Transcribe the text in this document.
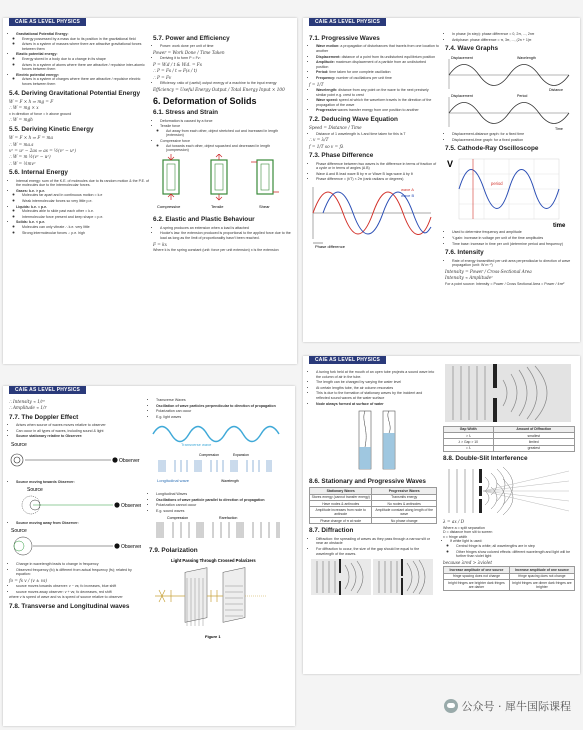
CAIE AS LEVEL PHYSICS
• Gravitational Potential Energy:
◦ Energy possessed by a mass due to its position in the gravitational field
◦ Arises in a system of masses where there are attractive gravitational forces between them
• Elastic potential energy:
◦ Energy stored in a body due to a change in its shape
◦ Arises in a system of atoms where there are attractive / repulsive inter-atomic forces between them
• Electric potential energy:
◦ Arises in a system of charges where there are attractive / repulsive electric forces between them
5.4. Deriving Gravitational Potential Energy
W = F × h ⇒ mg = F
∴ W = mg × x
x in direction of force = h above ground
∴ W = mgh
5.5. Deriving Kinetic Energy
W = F × h ⇒ F = ma
∴ W = ma.s
v² = u² − 2as ⇒ as = ½(v² − u²)
∴ W = m ½(v² − u²)
∴ W = ½mv²
5.6. Internal Energy
• Internal energy: sum of the K.E. of molecules due to its random motion & the P.E. of the molecules due to the intermolecular forces.
• Gases: k.e. > p.e.
◦ Molecules far apart and in continuous motion = k.e
◦ Weak intermolecular forces so very little p.e.
• Liquids: k.e. ≈ p.e.
◦ Molecules able to slide past each other = k.e.
◦ Intermolecular force present and keep shape = p.e.
• Solids: k.e. < p.e.
◦ Molecules can only vibrate ∴ k.e. very little
◦ Strong intermolecular forces ∴ p.e. high
5.7. Power and Efficiency
• Power: work done per unit of time
Power = Work Done / Time Taken
• Deriving it to form P = Fv:
P = W.d / t & W.d. = Fs
∴ P = Fs / t ⇒ F(s / t)
∴ P = Fv
• Efficiency: ratio of (useful) output energy of a machine to the input energy
Efficiency = Useful Energy Output / Total Energy Input × 100
6. Deformation of Solids
6.1. Stress and Strain
• Deformation is caused by a force
• Tensile force
◦ Act away from each other, object stretched out and increased in length (extension)
• Compressive force
◦ Act towards each other, object squashed and decreased in length (compression)
Compressive	Tensile	Shear
6.2. Elastic and Plastic Behaviour
• A spring produces an extension when a load is attached
• Hooke's law: the extension produced is proportional to the applied force due to the load as long as the limit of proportionality hasn't been reached.
F = kx
Where k is the spring constant (unit: force per unit extension) x is the extension
CAIE AS LEVEL PHYSICS
7.1. Progressive Waves
• Wave motion: a propagation of disturbances that travels from one location to another
• Displacement: distance of a point from its undisturbed equilibrium position
• Amplitude: maximum displacement of a particle from an undisturbed position
• Period: time taken for one complete oscillation
• Frequency: number of oscillations per unit time
f = 1/T
• Wavelength: distance from any point on the wave to the next precisely similar point e.g. crest to crest
• Wave speed: speed at which the waveform travels in the direction of the propagation of the wave
• Progressive waves transfer energy from one position to another
7.2. Deducing Wave Equation
Speed = Distance / Time
• Distance of 1 wavelength is λ and time taken for this is T
∴ v = λ/T
f = 1/T so v = fλ
7.3. Phase Difference
• Phase difference between two waves is the difference in terms of fraction of a cycle or in terms of angles (A B)
• Wave A and B lead wave B by π or Wave B lags wave A by θ
• Phase difference = (t/T) × 2π (rank radians or degrees)
wave A
wave B
Phase difference
• In phase (in step): phase difference = 0, 2π, ..., 2nπ
• Antiphase: phase difference = π, 3π, ..., (2n + 1)π
7.4. Wave Graphs
Displacement	Wavelength
Distance
Displacement	Period
Time
• Displacement-distance graph: for a fixed time
• Displacement-time graph: for a fixed position
7.5. Cathode-Ray Oscilloscope
V
period
time
• Used to determine frequency and amplitude
• Y-gain: increase in voltage per unit of the time amplitudes
• Time base: increase in time per unit (determine period and frequency)
7.6. Intensity
• Rate of energy transmitted per unit area perpendicular to direction of wave propagation (unit: W m⁻²)
Intensity = Power / Cross-Sectional Area
Intensity ∝ Amplitude²
For a point source: Intensity = Power / Cross Sectional Area = Power / 4πr²
CAIE AS LEVEL PHYSICS
∴ Intensity ∝ 1/r²
∴ Amplitude ∝ 1/r
7.7. The Doppler Effect
• Arises when source of waves moves relative to observer
• Can occur in all types of waves, including sound & light
• Source stationary relative to Observer:
Source
Observer
• Source moving towards Observer:
Source
Observer
• Source moving away from Observer:
Source
Observer
• Change in wavelength leads to change in frequency
• Observed frequency (fo) is different from actual frequency (fs); related by equation:
fo = fs v / (v ± vs)
• source moves towards observer: v − vs; fo increases, blue shift
• source moves away observer: v + vs; fo decreases, red shift
where v is speed of wave and vs is speed of source relative to observer
7.8. Transverse and Longitudinal waves
• Transverse Waves
• Oscillation of wave particles perpendicular to direction of propagation
• Polarization can occur
• E.g. light waves
Transverse wave
Compression	Expansion
Longitudinal wave	Wavelength
• Longitudinal Waves
• Oscillations of wave particle parallel to direction of propagation
• Polarization cannot occur
• E.g. sound waves
Compression	Rarefaction
7.9. Polarization
Light Passing Through Crossed Polarizers
Figure 1
CAIE AS LEVEL PHYSICS
• A tuning fork held at the mouth of an open tube projects a sound wave into the column of air in the tube.
• The length can be changed by varying the water level
• At certain lengths tube, the air column resonates
• This is due to the formation of stationary waves by the incident and reflected sound waves at the water surface
• Node always formed at surface of water
8.6. Stationary and Progressive Waves
Stationary Waves	Progressive Waves
Stores energy (cannot transfer energy)	Transmits energy
Have nodes & antinodes	No nodes & antinodes
Amplitude increases from node to antinode	Amplitude constant along length of the wave
Phase change of π at node	No phase change
8.7. Diffraction
• Diffraction: the spreading of waves as they pass through a narrow slit or near an obstacle
• For diffraction to occur, the size of the gap should be equal to the wavelength of the waves.
Gap Width	Amount of Diffraction
> λ	smallest
λ > Gap > 10	limited
≈ λ	greatest
8.8. Double-Slit Interference
λ = ax / D
Where a = split separation
D = distance from slit to screen
x = fringe width
• If white light is used:
◦ Central fringe is white; all wavelengths are in step
◦ Other fringes show colored effects: different wavelength and light will be further than violet light
because λred > λviolet
Increase amplitude of one source	Increase amplitude of one source
fringe spacing does not change	fringe spacing does not change
bright fringes are brighter dark fringes are darker	bright fringes are dimer dark fringes are brighter
公众号 · 犀牛国际课程
